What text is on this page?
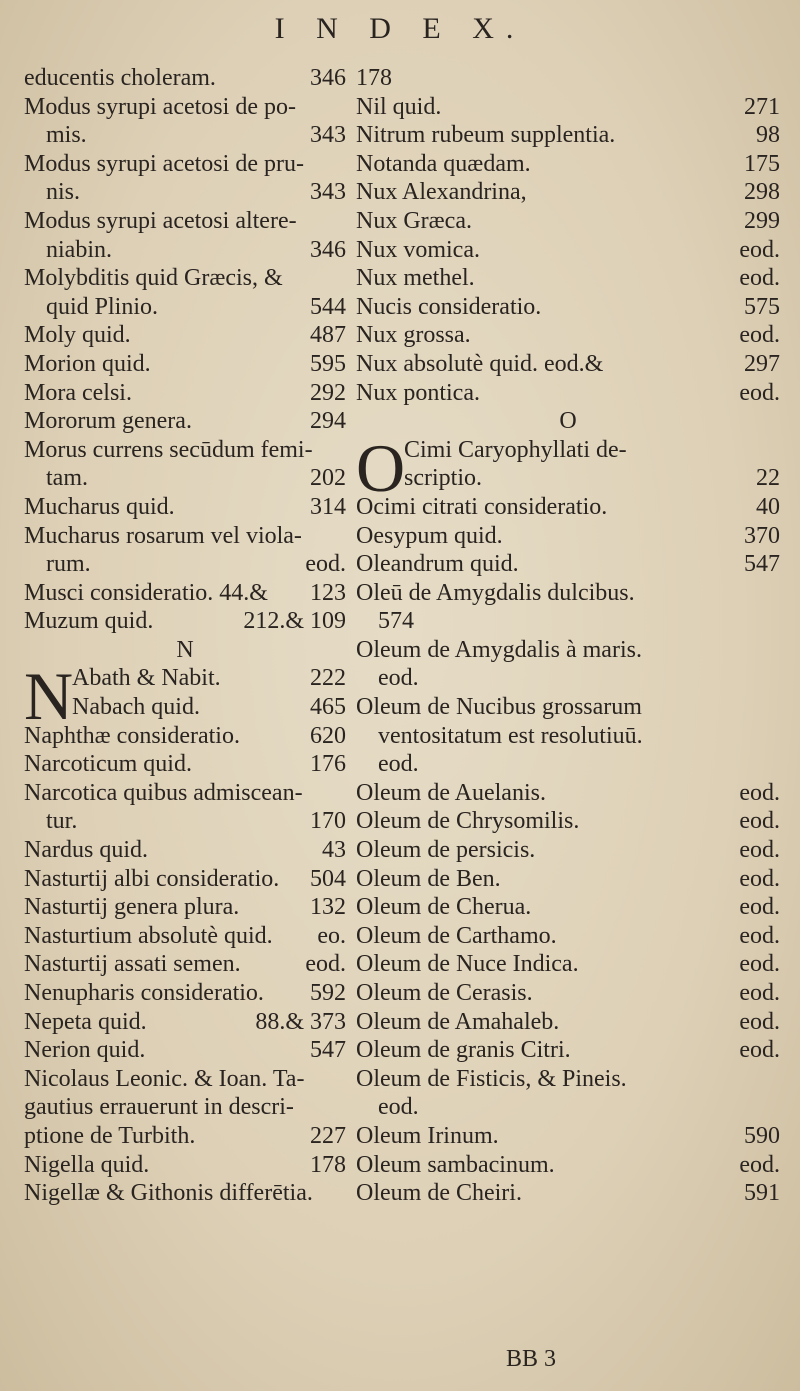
I N D E X.
educentis choleram.	346
Modus syrupi acetosi de po-
mis.	343
Modus syrupi acetosi de pru-
nis.	343
Modus syrupi acetosi altere-
niabin.	346
Molybditis quid Græcis, &
quid Plinio.	544
Moly quid.	487
Morion quid.	595
Mora celsi.	292
Mororum genera.	294
Morus currens secūdum femi-
tam.	202
Mucharus quid.	314
Mucharus rosarum vel viola-
rum.	eod.
Musci consideratio. 44.& 123
Muzum quid.	212.& 109
N
Abath & Nabit.	222
N
Nabach quid.	465
Naphthæ consideratio.	620
Narcoticum quid.	176
Narcotica quibus admiscean-
tur.	170
Nardus quid.	43
Nasturtij albi consideratio. 504
Nasturtij genera plura.	132
Nasturtium absolutè quid. eo.
Nasturtij assati semen.	eod.
Nenupharis consideratio. 592
Nepeta quid.	88.& 373
Nerion quid.	547
Nicolaus Leonic. & Ioan. Ta-
gautius errauerunt in descri-
ptione de Turbith.	227
Nigella quid.	178
Nigellæ & Githonis differētia.
178
Nil quid.	271
Nitrum rubeum supplentia.	98
Notanda quædam.	175
Nux Alexandrina,	298
Nux Græca.	299
Nux vomica.	eod.
Nux methel.	eod.
Nucis consideratio.	575
Nux grossa.	eod.
Nux absolutè quid. eod.&	297
Nux pontica.	eod.
O
Cimi Caryophyllati de-
O
scriptio.	22
Ocimi citrati consideratio.	40
Oesypum quid.	370
Oleandrum quid.	547
Oleū de Amygdalis dulcibus.
574
Oleum de Amygdalis à maris.
eod.
Oleum de Nucibus grossarum
ventositatum est resolutiuū.
eod.
Oleum de Auelanis.	eod.
Oleum de Chrysomilis.	eod.
Oleum de persicis.	eod.
Oleum de Ben.	eod.
Oleum de Cherua.	eod.
Oleum de Carthamo.	eod.
Oleum de Nuce Indica.	eod.
Oleum de Cerasis.	eod.
Oleum de Amahaleb.	eod.
Oleum de granis Citri.	eod.
Oleum de Fisticis, & Pineis.
eod.
Oleum Irinum.	590
Oleum sambacinum.	eod.
Oleum de Cheiri.	591
BB 3
